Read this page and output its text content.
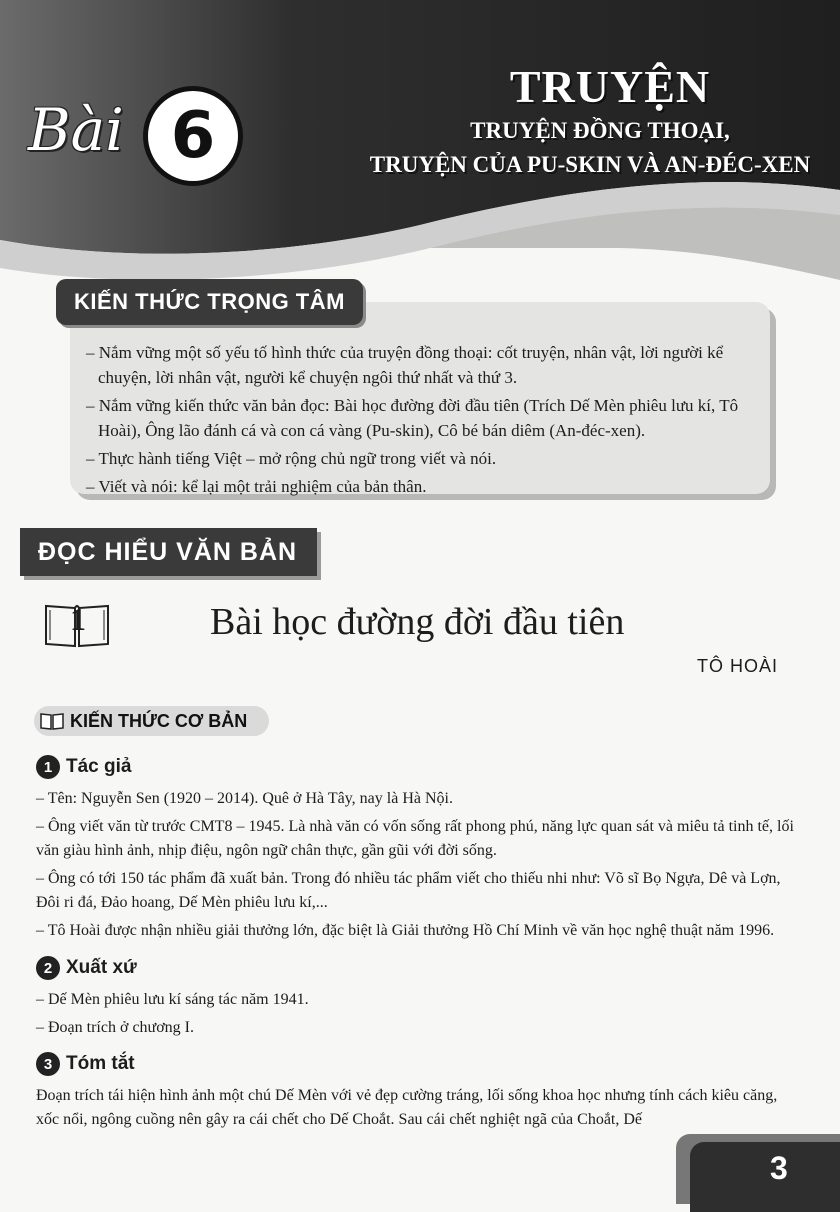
Bài 6
TRUYỆN
TRUYỆN ĐỒNG THOẠI,
TRUYỆN CỦA PU-SKIN VÀ AN-ĐÉC-XEN
KIẾN THỨC TRỌNG TÂM
– Nắm vững một số yếu tố hình thức của truyện đồng thoại: cốt truyện, nhân vật, lời người kể chuyện, lời nhân vật, người kể chuyện ngôi thứ nhất và thứ 3.
– Nắm vững kiến thức văn bản đọc: Bài học đường đời đầu tiên (Trích Dế Mèn phiêu lưu kí, Tô Hoài), Ông lão đánh cá và con cá vàng (Pu-skin), Cô bé bán diêm (An-đéc-xen).
– Thực hành tiếng Việt – mở rộng chủ ngữ trong viết và nói.
– Viết và nói: kể lại một trải nghiệm của bản thân.
ĐỌC HIỂU VĂN BẢN
1	Bài học đường đời đầu tiên
TÔ HOÀI
KIẾN THỨC CƠ BẢN
1 Tác giả

– Tên: Nguyễn Sen (1920 – 2014). Quê ở Hà Tây, nay là Hà Nội.

– Ông viết văn từ trước CMT8 – 1945. Là nhà văn có vốn sống rất phong phú, năng lực quan sát và miêu tả tinh tế, lối văn giàu hình ảnh, nhịp điệu, ngôn ngữ chân thực, gần gũi với đời sống.

– Ông có tới 150 tác phẩm đã xuất bản. Trong đó nhiều tác phẩm viết cho thiếu nhi như: Võ sĩ Bọ Ngựa, Dê và Lợn, Đôi ri đá, Đảo hoang, Dế Mèn phiêu lưu kí,...

– Tô Hoài được nhận nhiều giải thưởng lớn, đặc biệt là Giải thưởng Hồ Chí Minh về văn học nghệ thuật năm 1996.

2 Xuất xứ

– Dế Mèn phiêu lưu kí sáng tác năm 1941.

– Đoạn trích ở chương I.

3 Tóm tắt

Đoạn trích tái hiện hình ảnh một chú Dế Mèn với vẻ đẹp cường tráng, lối sống khoa học nhưng tính cách kiêu căng, xốc nổi, ngông cuồng nên gây ra cái chết cho Dế Choắt. Sau cái chết nghiệt ngã của Choắt, Dế

3
